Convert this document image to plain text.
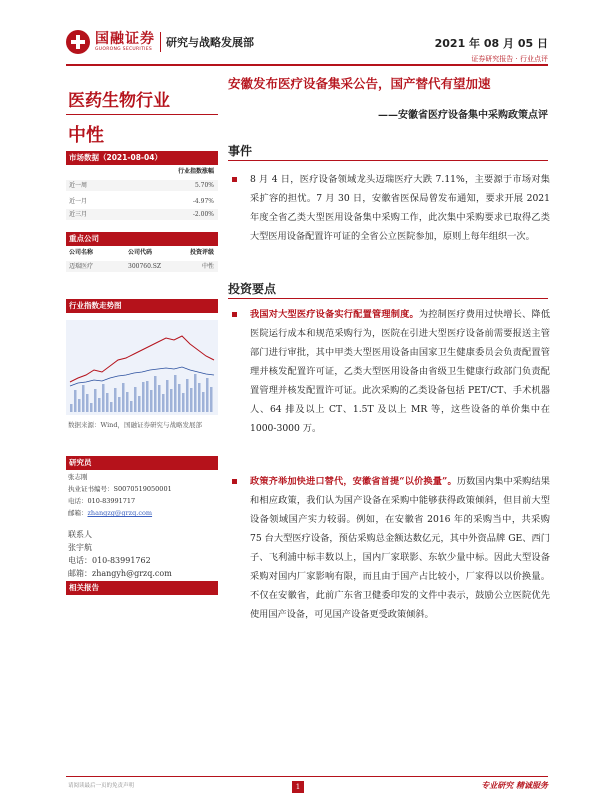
国融证券
GUORONG SECURITIES
研究与战略发展部	2021 年 08 月 05 日
证券研究报告 · 行业点评
医药生物行业
中性
市场数据（2021-08-04）
行业指数涨幅
近一周	5.70%
近一月	-4.97%
近三月	-2.00%
重点公司
公司名称	公司代码	投资评级
迈瑞医疗	300760.SZ	中性
行业指数走势图
数据来源：Wind，国融证券研究与战略发展部
研究员
张志刚
执业证书编号：S0070519050001
电话：010-83991717
邮箱：zhangzg@grzq.com
联系人
张宇航
电话：010-83991762
邮箱：zhangyh@grzq.com
相关报告
安徽发布医疗设备集采公告，国产替代有望加速
——安徽省医疗设备集中采购政策点评
事件
8 月 4 日，医疗设备领域龙头迈瑞医疗大跌 7.11%，主要源于市场对集采扩容的担忧。7 月 30 日，安徽省医保局曾发布通知，要求开展 2021 年度全省乙类大型医用设备集中采购工作，此次集中采购要求已取得乙类大型医用设备配置许可证的全省公立医院参加，原则上每年组织一次。
投资要点
我国对大型医疗设备实行配置管理制度。为控制医疗费用过快增长、降低医院运行成本和规范采购行为，医院在引进大型医疗设备前需要报送主管部门进行审批，其中甲类大型医用设备由国家卫生健康委员会负责配置管理并核发配置许可证，乙类大型医用设备由省级卫生健康行政部门负责配置管理并核发配置许可证。此次采购的乙类设备包括 PET/CT、手术机器人、64 排及以上 CT、1.5T 及以上 MR 等，这些设备的单价集中在 1000-3000 万。
政策齐举加快进口替代，安徽省首提“以价换量”。历数国内集中采购结果和相应政策，我们认为国产设备在采购中能够获得政策倾斜，但目前大型设备领域国产实力较弱。例如，在安徽省 2016 年的采购当中，共采购 75 台大型医疗设备，预估采购总金额达数亿元，其中外资品牌 GE、西门子、飞利浦中标丰数以上，国内厂家联影、东软少量中标。因此大型设备采购对国内厂家影响有限，而且由于国产占比较小，厂家得以以价换量。不仅在安徽省，此前广东省卫健委印发的文件中表示，鼓励公立医院优先使用国产设备，可见国产设备更受政策倾斜。
请阅读最后一页的免责声明	1	专业研究 精诚服务
